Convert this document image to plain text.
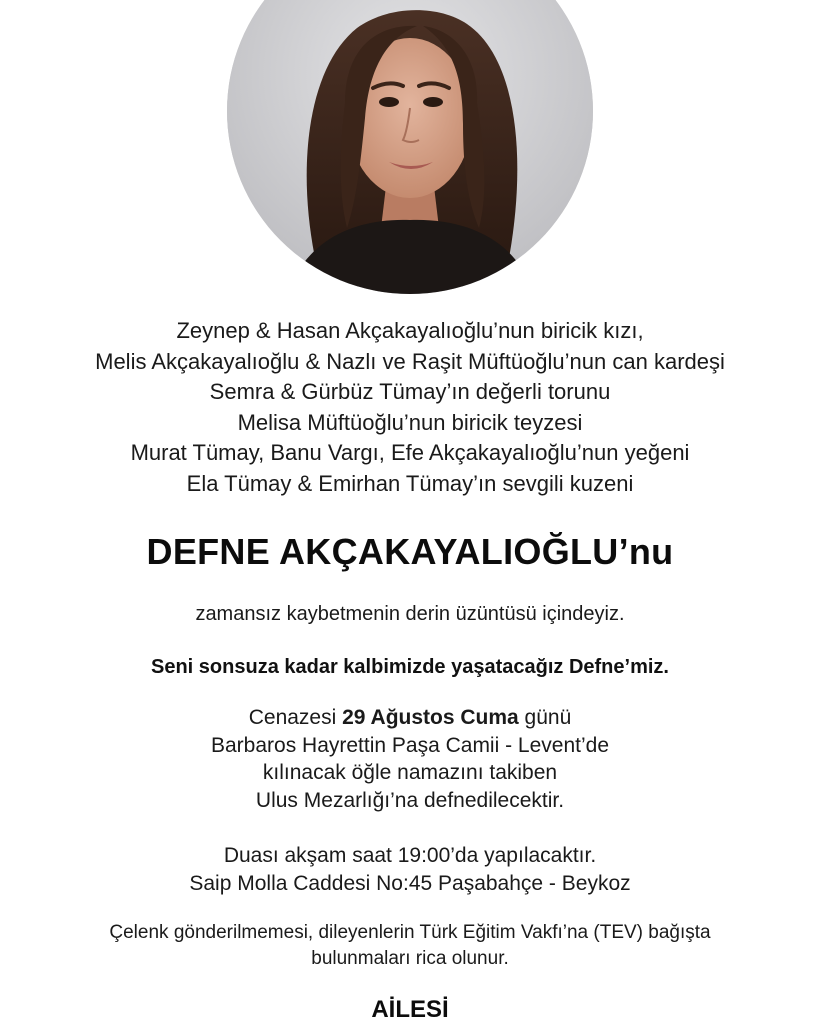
Zeynep & Hasan Akçakayalıoğlu’nun biricik kızı,
Melis Akçakayalıoğlu & Nazlı ve Raşit Müftüoğlu’nun can kardeşi
Semra & Gürbüz Tümay’ın değerli torunu
Melisa Müftüoğlu’nun biricik teyzesi
Murat Tümay, Banu Vargı, Efe Akçakayalıoğlu’nun yeğeni
Ela Tümay & Emirhan Tümay’ın sevgili kuzeni
DEFNE AKÇAKAYALIOĞLU’nu
zamansız kaybetmenin derin üzüntüsü içindeyiz.
Seni sonsuza kadar kalbimizde yaşatacağız Defne’miz.
Cenazesi 29 Ağustos Cuma günü
Barbaros Hayrettin Paşa Camii - Levent’de
kılınacak öğle namazını takiben
Ulus Mezarlığı’na defnedilecektir.
Duası akşam saat 19:00’da yapılacaktır.
Saip Molla Caddesi No:45 Paşabahçe - Beykoz
Çelenk gönderilmemesi, dileyenlerin Türk Eğitim Vakfı’na (TEV) bağışta
bulunmaları rica olunur.
AİLESİ
